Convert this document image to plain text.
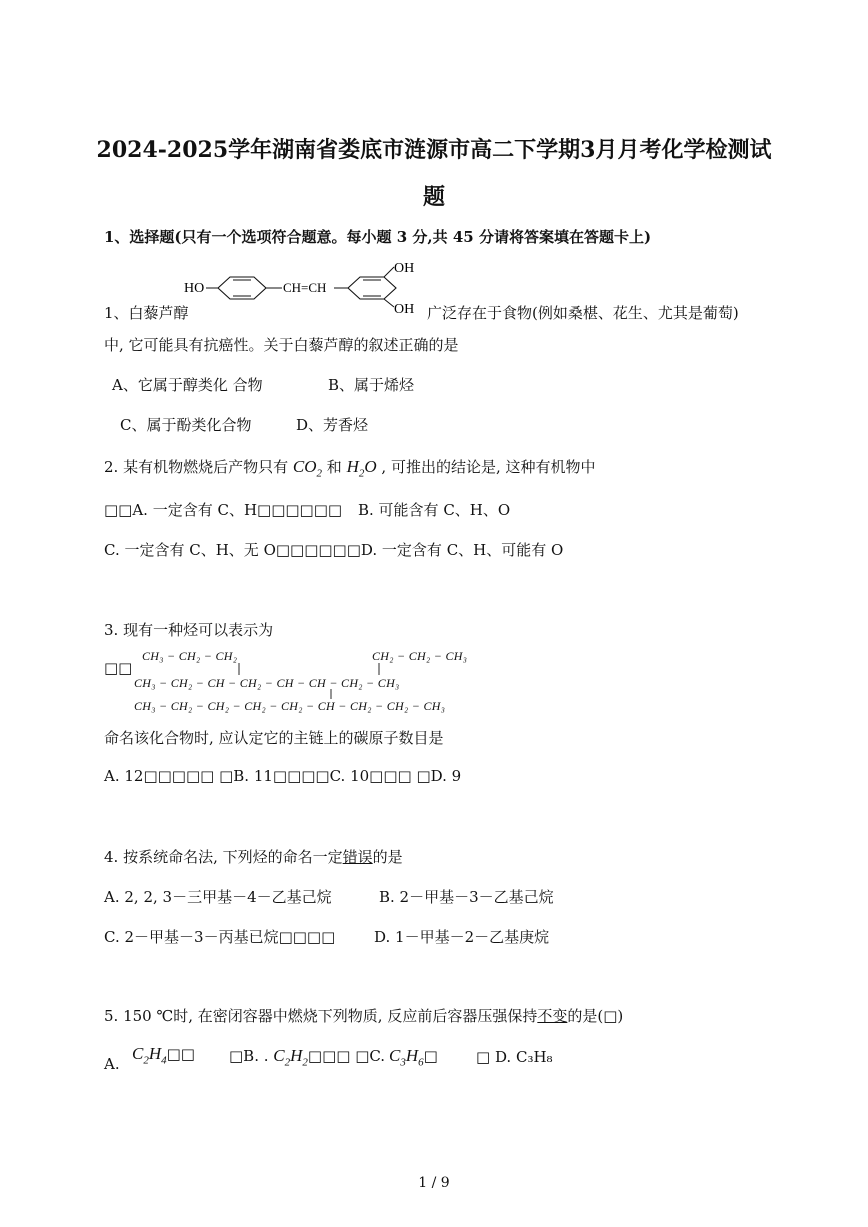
2024-2025学年湖南省娄底市涟源市高二下学期3月月考化学检测试
题
1、选择题(只有一个选项符合题意。每小题 3 分,共 45 分请将答案填在答题卡上)
HO	CH=CH
OH
OH
1、白藜芦醇	广泛存在于食物(例如桑椹、花生、尤其是葡萄)
中, 它可能具有抗癌性。关于白藜芦醇的叙述正确的是
A、它属于醇类化 合物	B、属于烯烃
C、属于酚类化合物	D、芳香烃
2. 某有机物燃烧后产物只有 $CO_2$ 和 $H_2O$ , 可推出的结论是, 这种有机物中
□□A. 一定含有 C、H□□□□□□ B. 可能含有 C、H、O
C. 一定含有 C、H、无 O□□□□□□D. 一定含有 C、H、可能有 O
3. 现有一种烃可以表示为
□□
CH₃ − CH₂ − CH₂	CH₂ − CH₂ − CH₃
CH₃ − CH₂ − CH − CH₂ − CH − CH − CH₂ − CH₃
CH₃ − CH₂ − CH₂ − CH₂ − CH₂ − CH − CH₂ − CH₂ − CH₃
命名该化合物时, 应认定它的主链上的碳原子数目是
A. 12□□□□□ □B. 11□□□□C. 10□□□ □D. 9
4. 按系统命名法, 下列烃的命名一定错误的是
A. 2, 2, 3－三甲基－4－乙基己烷	B. 2－甲基－3－乙基己烷
C. 2－甲基－3－丙基已烷□□□□	D. 1－甲基－2－乙基庚烷
5. 150 ℃时, 在密闭容器中燃烧下列物质, 反应前后容器压强保持不变的是(□)
A.
$C_2H_4□□$ □B. . $C_2H_2□□□$ □C. $C_3H_6□$	□ D. C₃H₈
1 / 9
